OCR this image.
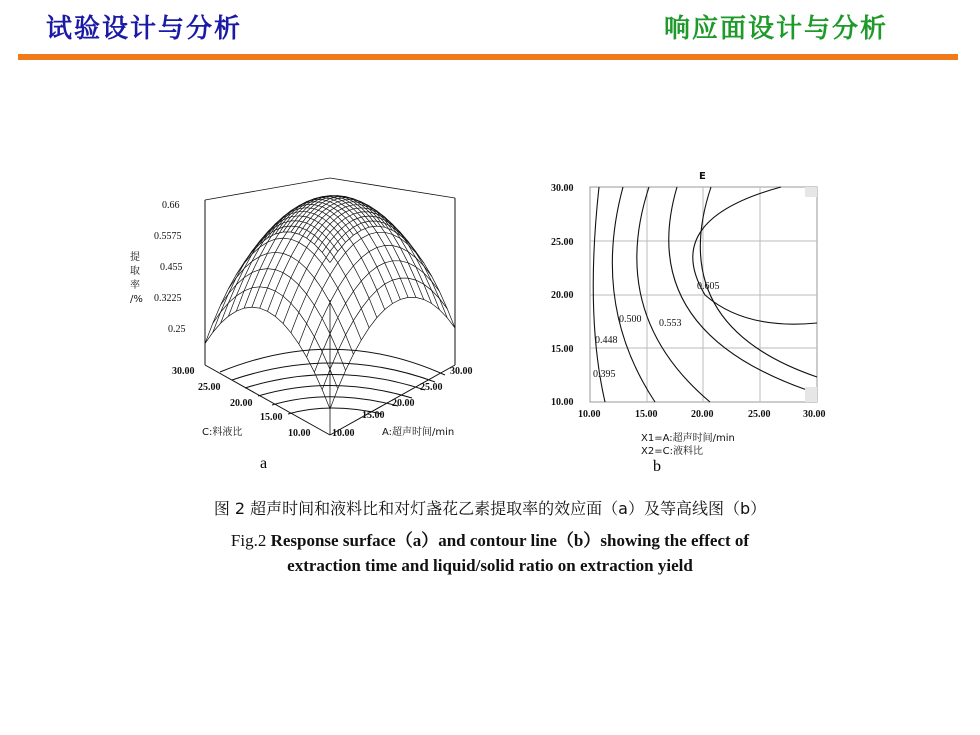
试验设计与分析	响应面设计与分析
0.66
0.5575
0.455
0.3225
0.25
提
取
率
/%
30.00
25.00
20.00
15.00
10.00
C:料液比	10.00
15.00
20.00
25.00
30.00
A:超声时间/min
a
E
30.00
25.00
20.00
15.00
10.00
10.00	15.00	20.00	25.00	30.00
0.395
0.448
0.500 0.553
0.605
X1=A:超声时间/min
X2=C:液料比
b
图 2 超声时间和液料比和对灯盏花乙素提取率的效应面（a）及等高线图（b）
Fig.2 Response surface（a）and contour line（b）showing the effect of
extraction time and liquid/solid ratio on extraction yield
